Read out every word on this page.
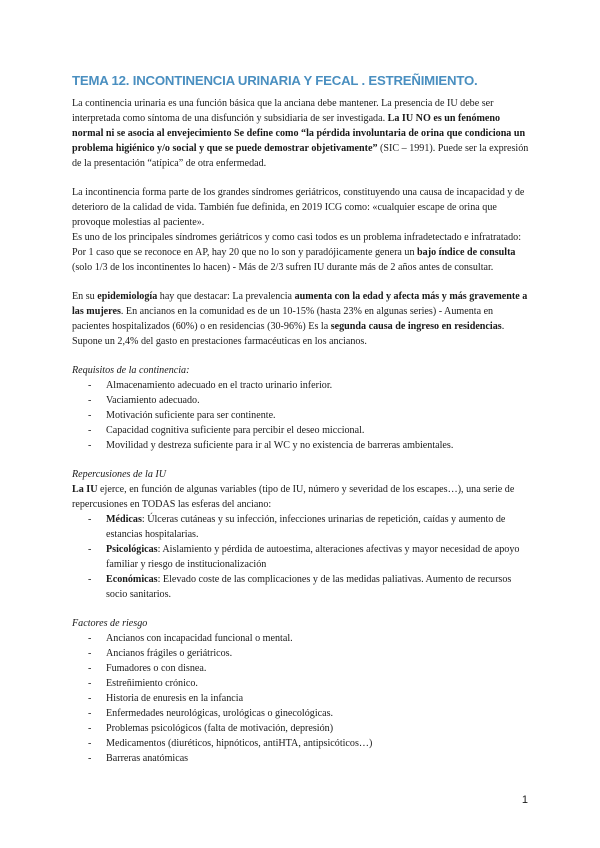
TEMA 12. INCONTINENCIA URINARIA Y FECAL . ESTREÑIMIENTO.

La continencia urinaria es una función básica que la anciana debe mantener. La presencia de IU debe ser interpretada como síntoma de una disfunción y subsidiaria de ser investigada. La IU NO es un fenómeno normal ni se asocia al envejecimiento Se define como “la pérdida involuntaria de orina que condiciona un problema higiénico y/o social y que se puede demostrar objetivamente” (SIC – 1991). Puede ser la expresión de la presentación “atípica” de otra enfermedad.

La incontinencia forma parte de los grandes síndromes geriátricos, constituyendo una causa de incapacidad y de deterioro de la calidad de vida. También fue definida, en 2019 ICG como: «cualquier escape de orina que provoque molestias al paciente».
Es uno de los principales síndromes geriátricos y como casi todos es un problema infradetectado e infratratado: Por 1 caso que se reconoce en AP, hay 20 que no lo son y paradójicamente genera un bajo índice de consulta (solo 1/3 de los incontinentes lo hacen) - Más de 2/3 sufren IU durante más de 2 años antes de consultar.

En su epidemiología hay que destacar: La prevalencia aumenta con la edad y afecta más y más gravemente a las mujeres. En ancianos en la comunidad es de un 10-15% (hasta 23% en algunas series) - Aumenta en pacientes hospitalizados (60%) o en residencias (30-96%) Es la segunda causa de ingreso en residencias. Supone un 2,4% del gasto en prestaciones farmacéuticas en los ancianos.

Requisitos de la continencia:

- Almacenamiento adecuado en el tracto urinario inferior.
- Vaciamiento adecuado.
- Motivación suficiente para ser continente.
- Capacidad cognitiva suficiente para percibir el deseo miccional.
- Movilidad y destreza suficiente para ir al WC y no existencia de barreras ambientales.

Repercusiones de la IU

La IU ejerce, en función de algunas variables (tipo de IU, número y severidad de los escapes…), una serie de repercusiones en TODAS las esferas del anciano:

- Médicas: Úlceras cutáneas y su infección, infecciones urinarias de repetición, caídas y aumento de estancias hospitalarias.
- Psicológicas: Aislamiento y pérdida de autoestima, alteraciones afectivas y mayor necesidad de apoyo familiar y riesgo de institucionalización
- Económicas: Elevado coste de las complicaciones y de las medidas paliativas. Aumento de recursos socio sanitarios.

Factores de riesgo

- Ancianos con incapacidad funcional o mental.
- Ancianos frágiles o geriátricos.
- Fumadores o con disnea.
- Estreñimiento crónico.
- Historia de enuresis en la infancia
- Enfermedades neurológicas, urológicas o ginecológicas.
- Problemas psicológicos (falta de motivación, depresión)
- Medicamentos (diuréticos, hipnóticos, antiHTA, antipsicóticos…)
- Barreras anatómicas
1
